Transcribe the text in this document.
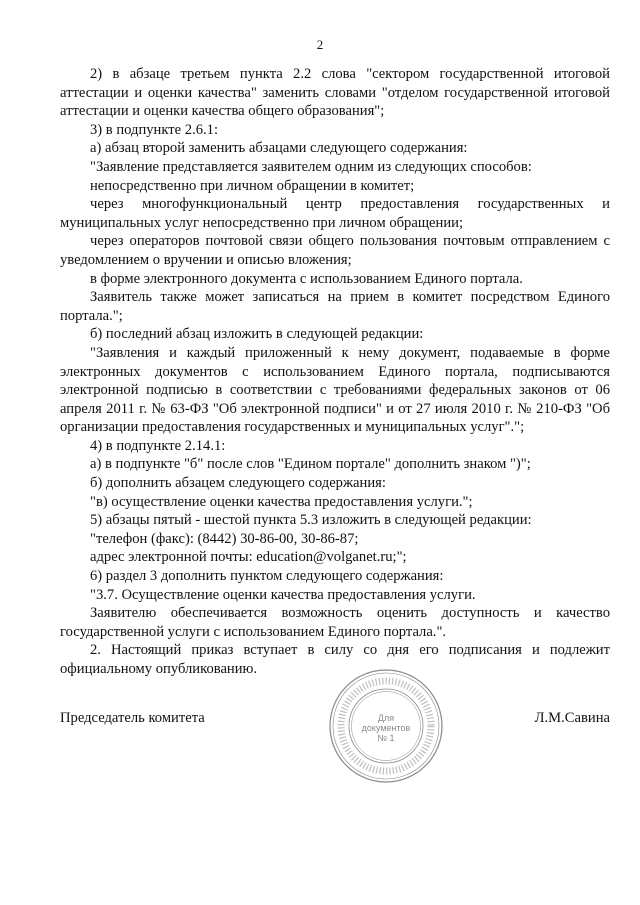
2

2) в абзаце третьем пункта 2.2 слова "сектором государственной итоговой аттестации и оценки качества" заменить словами "отделом государственной итоговой аттестации и оценки качества общего образования";

3) в подпункте 2.6.1:

а) абзац второй заменить абзацами следующего содержания:

"Заявление представляется заявителем одним из следующих способов:

непосредственно при личном обращении в комитет;

через многофункциональный центр предоставления государственных и муниципальных услуг непосредственно при личном обращении;

через операторов почтовой связи общего пользования почтовым отправлением с уведомлением о вручении и описью вложения;

в форме электронного документа с использованием Единого портала.

Заявитель также может записаться на прием в комитет посредством Единого портала.";

б) последний абзац изложить в следующей редакции:

"Заявления и каждый приложенный к нему документ, подаваемые в форме электронных документов с использованием Единого портала, подписываются электронной подписью в соответствии с требованиями федеральных законов от 06 апреля 2011 г. № 63-ФЗ "Об электронной подписи" и от 27 июля 2010 г. № 210-ФЗ "Об организации предоставления государственных и муниципальных услуг".";

4) в подпункте 2.14.1:

а) в подпункте "б" после слов "Едином портале" дополнить знаком ")";

б) дополнить абзацем следующего содержания:

"в) осуществление оценки качества предоставления услуги.";

5) абзацы пятый - шестой пункта 5.3 изложить в следующей редакции:

"телефон (факс): (8442) 30-86-00, 30-86-87;

адрес электронной почты: education@volganet.ru;";

6) раздел 3 дополнить пунктом следующего содержания:

"3.7. Осуществление оценки качества предоставления услуги.

Заявителю обеспечивается возможность оценить доступность и качество государственной услуги с использованием Единого портала.".

2. Настоящий приказ вступает в силу со дня его подписания и подлежит официальному опубликованию.

Для документов № 1
Председатель комитета	Л.М.Савина
